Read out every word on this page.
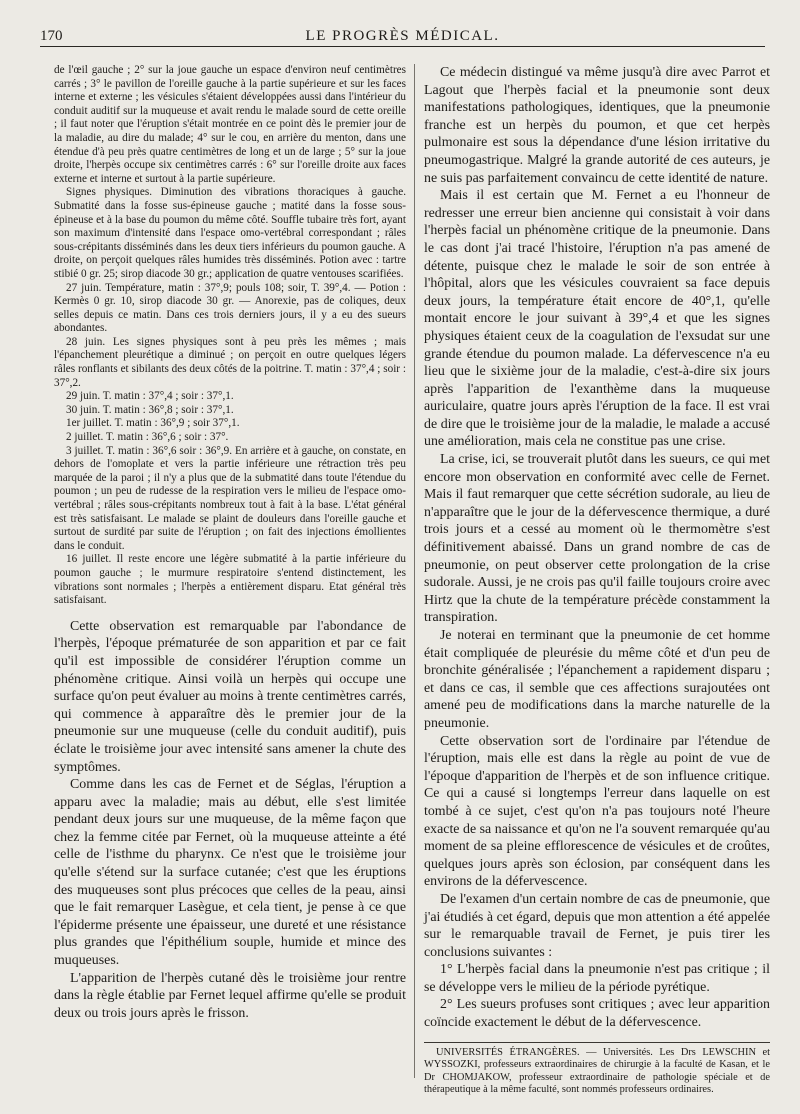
170	LE PROGRÈS MÉDICAL.

de l'œil gauche ; 2° sur la joue gauche un espace d'environ neuf centimètres carrés ; 3° le pavillon de l'oreille gauche à la partie supérieure et sur les faces interne et externe ; les vésicules s'étaient développées aussi dans l'intérieur du conduit auditif sur la muqueuse et avait rendu le malade sourd de cette oreille ; il faut noter que l'éruption s'était montrée en ce point dès le premier jour de la maladie, au dire du malade; 4° sur le cou, en arrière du menton, dans une étendue d'à peu près quatre centimètres de long et un de large ; 5° sur la joue droite, l'herpès occupe six centimètres carrés : 6° sur l'oreille droite aux faces externe et interne et surtout à la partie supérieure.

Signes physiques. Diminution des vibrations thoraciques à gauche. Submatité dans la fosse sus-épineuse gauche ; matité dans la fosse sous-épineuse et à la base du poumon du même côté. Souffle tubaire très fort, ayant son maximum d'intensité dans l'espace omo-vertébral correspondant ; râles sous-crépitants disséminés dans les deux tiers inférieurs du poumon gauche. A droite, on perçoit quelques râles humides très disséminés. Potion avec : tartre stibié 0 gr. 25; sirop diacode 30 gr.; application de quatre ventouses scarifiées.

27 juin. Température, matin : 37°,9; pouls 108; soir, T. 39°,4. — Potion : Kermès 0 gr. 10, sirop diacode 30 gr. — Anorexie, pas de coliques, deux selles depuis ce matin. Dans ces trois derniers jours, il y a eu des sueurs abondantes.

28 juin. Les signes physiques sont à peu près les mêmes ; mais l'épanchement pleurétique a diminué ; on perçoit en outre quelques légers râles ronflants et sibilants des deux côtés de la poitrine. T. matin : 37°,4 ; soir : 37°,2.

29 juin. T. matin : 37°,4 ; soir : 37°,1.

30 juin. T. matin : 36°,8 ; soir : 37°,1.

1er juillet. T. matin : 36°,9 ; soir 37°,1.

2 juillet. T. matin : 36°,6 ; soir : 37°.

3 juillet. T. matin : 36°,6 soir : 36°,9. En arrière et à gauche, on constate, en dehors de l'omoplate et vers la partie inférieure une rétraction très peu marquée de la paroi ; il n'y a plus que de la submatité dans toute l'étendue du poumon ; un peu de rudesse de la respiration vers le milieu de l'espace omo-vertébral ; râles sous-crépitants nombreux tout à fait à la base. L'état général est très satisfaisant. Le malade se plaint de douleurs dans l'oreille gauche et surtout de surdité par suite de l'éruption ; on fait des injections émollientes dans le conduit.

16 juillet. Il reste encore une légère submatité à la partie inférieure du poumon gauche ; le murmure respiratoire s'entend distinctement, les vibrations sont normales ; l'herpès a entièrement disparu. Etat général très satisfaisant.

Cette observation est remarquable par l'abondance de l'herpès, l'époque prématurée de son apparition et par ce fait qu'il est impossible de considérer l'éruption comme un phénomène critique. Ainsi voilà un herpès qui occupe une surface qu'on peut évaluer au moins à trente centimètres carrés, qui commence à apparaître dès le premier jour de la pneumonie sur une muqueuse (celle du conduit auditif), puis éclate le troisième jour avec intensité sans amener la chute des symptômes.

Comme dans les cas de Fernet et de Séglas, l'éruption a apparu avec la maladie; mais au début, elle s'est limitée pendant deux jours sur une muqueuse, de la même façon que chez la femme citée par Fernet, où la muqueuse atteinte a été celle de l'isthme du pharynx. Ce n'est que le troisième jour qu'elle s'étend sur la surface cutanée; c'est que les éruptions des muqueuses sont plus précoces que celles de la peau, ainsi que le fait remarquer Lasègue, et cela tient, je pense à ce que l'épiderme présente une épaisseur, une dureté et une résistance plus grandes que l'épithélium souple, humide et mince des muqueuses.

L'apparition de l'herpès cutané dès le troisième jour rentre dans la règle établie par Fernet lequel affirme qu'elle se produit deux ou trois jours après le frisson.

Ce médecin distingué va même jusqu'à dire avec Parrot et Lagout que l'herpès facial et la pneumonie sont deux manifestations pathologiques, identiques, que la pneumonie franche est un herpès du poumon, et que cet herpès pulmonaire est sous la dépendance d'une lésion irritative du pneumogastrique. Malgré la grande autorité de ces auteurs, je ne suis pas parfaitement convaincu de cette identité de nature.

Mais il est certain que M. Fernet a eu l'honneur de redresser une erreur bien ancienne qui consistait à voir dans l'herpès facial un phénomène critique de la pneumonie. Dans le cas dont j'ai tracé l'histoire, l'éruption n'a pas amené de détente, puisque chez le malade le soir de son entrée à l'hôpital, alors que les vésicules couvraient sa face depuis deux jours, la température était encore de 40°,1, qu'elle montait encore le jour suivant à 39°,4 et que les signes physiques étaient ceux de la coagulation de l'exsudat sur une grande étendue du poumon malade. La défervescence n'a eu lieu que le sixième jour de la maladie, c'est-à-dire six jours après l'apparition de l'exanthème dans la muqueuse auriculaire, quatre jours après l'éruption de la face. Il est vrai de dire que le troisième jour de la maladie, le malade a accusé une amélioration, mais cela ne constitue pas une crise.

La crise, ici, se trouverait plutôt dans les sueurs, ce qui met encore mon observation en conformité avec celle de Fernet. Mais il faut remarquer que cette sécrétion sudorale, au lieu de n'apparaître que le jour de la défervescence thermique, a duré trois jours et a cessé au moment où le thermomètre s'est définitivement abaissé. Dans un grand nombre de cas de pneumonie, on peut observer cette prolongation de la crise sudorale. Aussi, je ne crois pas qu'il faille toujours croire avec Hirtz que la chute de la température précède constamment la transpiration.

Je noterai en terminant que la pneumonie de cet homme était compliquée de pleurésie du même côté et d'un peu de bronchite généralisée ; l'épanchement a rapidement disparu ; et dans ce cas, il semble que ces affections surajoutées ont amené peu de modifications dans la marche naturelle de la pneumonie.

Cette observation sort de l'ordinaire par l'étendue de l'éruption, mais elle est dans la règle au point de vue de l'époque d'apparition de l'herpès et de son influence critique. Ce qui a causé si longtemps l'erreur dans laquelle on est tombé à ce sujet, c'est qu'on n'a pas toujours noté l'heure exacte de sa naissance et qu'on ne l'a souvent remarquée qu'au moment de sa pleine efflorescence de vésicules et de croûtes, quelques jours après son éclosion, par conséquent dans les environs de la défervescence.

De l'examen d'un certain nombre de cas de pneumonie, que j'ai étudiés à cet égard, depuis que mon attention a été appelée sur le remarquable travail de Fernet, je puis tirer les conclusions suivantes :

1° L'herpès facial dans la pneumonie n'est pas critique ; il se développe vers le milieu de la période pyrétique.

2° Les sueurs profuses sont critiques ; avec leur apparition coïncide exactement le début de la défervescence.

UNIVERSITÉS ÉTRANGÈRES. — Universités. Les Drs LEWSCHIN et WYSSOZKI, professeurs extraordinaires de chirurgie à la faculté de Kasan, et le Dr CHOMJAKOW, professeur extraordinaire de pathologie spéciale et de thérapeutique à la même faculté, sont nommés professeurs ordinaires.
